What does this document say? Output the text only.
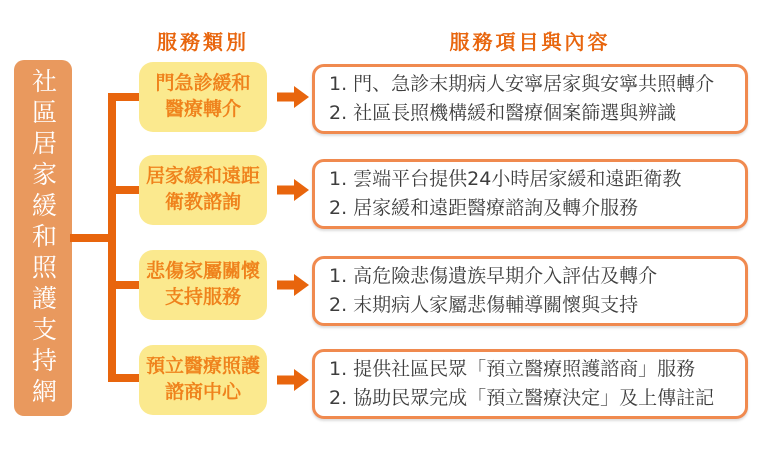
社區居家緩和照護支持網
服務類別	服務項目與內容
門急診緩和
醫療轉介
1. 門、急診末期病人安寧居家與安寧共照轉介
2. 社區長照機構緩和醫療個案篩選與辨識
居家緩和遠距
衛教諮詢
1. 雲端平台提供24小時居家緩和遠距衛教
2. 居家緩和遠距醫療諮詢及轉介服務
悲傷家屬關懷
支持服務
1. 高危險悲傷遺族早期介入評估及轉介
2. 末期病人家屬悲傷輔導關懷與支持
預立醫療照護
諮商中心
1. 提供社區民眾「預立醫療照護諮商」服務
2. 協助民眾完成「預立醫療決定」及上傳註記
